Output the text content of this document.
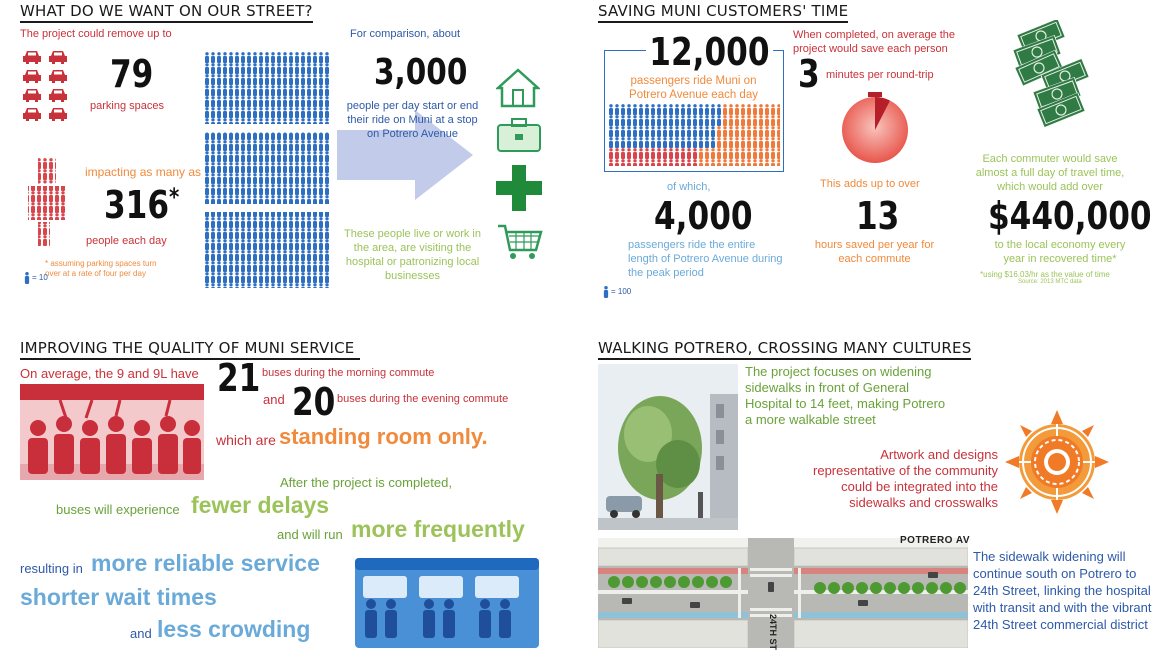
WHAT DO WE WANT ON OUR STREET?
The project could remove up to
79
parking spaces
impacting as many as
316*
people each day
* assuming parking spaces turn over at a rate of four per day
= 10
For comparison, about
3,000
people per day start or end their ride on Muni at a stop on Potrero Avenue
These people live or work in the area, are visiting the hospital or patronizing local businesses
SAVING MUNI CUSTOMERS' TIME
12,000
passengers ride Muni on Potrero Avenue each day
of which,
4,000
passengers ride the entire length of Potrero Avenue during the peak period
= 100
When completed, on average the project would save each person
3 minutes per round-trip
This adds up to over
13
hours saved per year for each commute
Each commuter would save almost a full day of travel time, which would add over
$440,000
to the local economy every year in recovered time*
*using $16.03/hr as the value of time
Source: 2013 MTC data
IMPROVING THE QUALITY OF MUNI SERVICE
On average, the 9 and 9L have 21 buses during the morning commute
and 20 buses during the evening commute
which are standing room only.
After the project is completed,
buses will experience fewer delays
and will run more frequently
resulting in more reliable service
shorter wait times
and less crowding
WALKING POTRERO, CROSSING MANY CULTURES
The project focuses on widening sidewalks in front of General Hospital to 14 feet, making Potrero a more walkable street
Artwork and designs representative of the community could be integrated into the sidewalks and crosswalks
POTRERO AV
24TH ST
The sidewalk widening will continue south on Potrero to 24th Street, linking the hospital with transit and with the vibrant 24th Street commercial district
